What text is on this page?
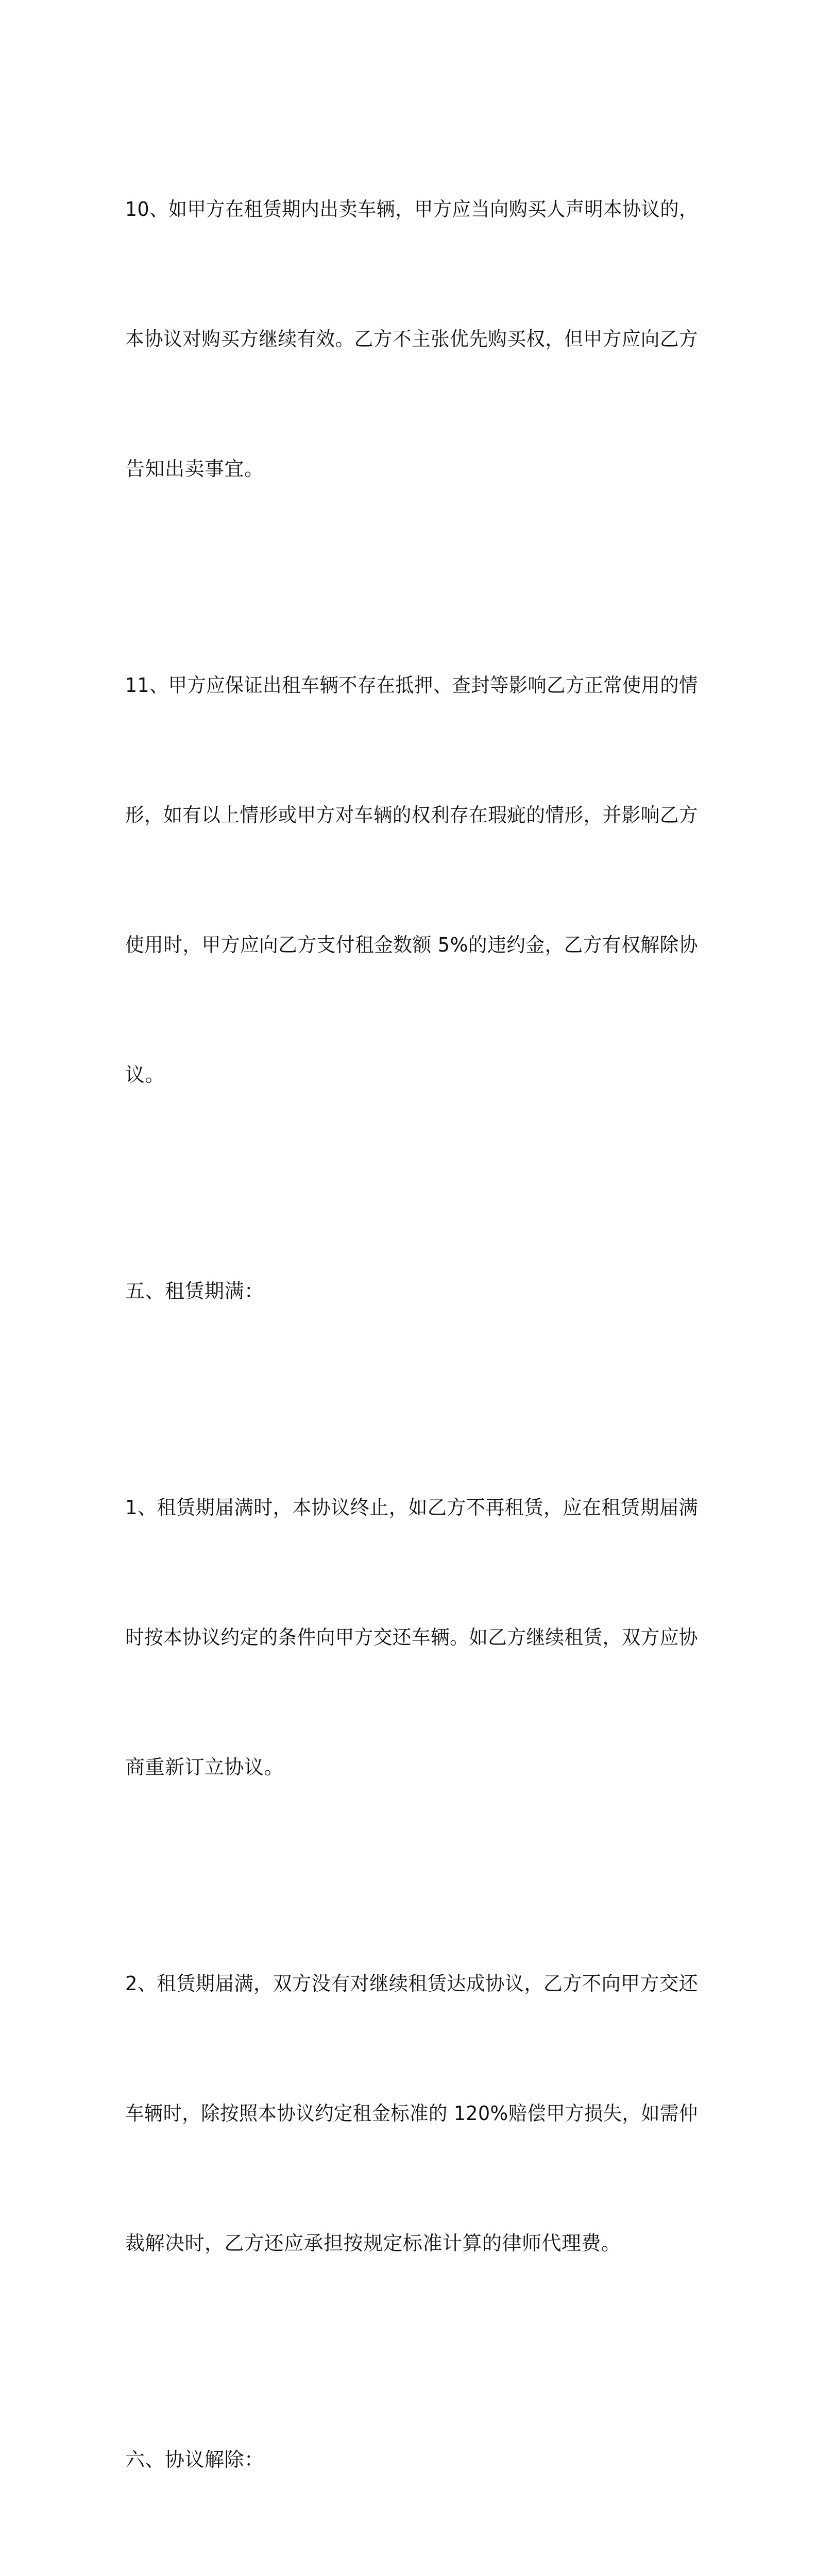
10、如甲方在租赁期内出卖车辆，甲方应当向购买人声明本协议的，

本协议对购买方继续有效。乙方不主张优先购买权，但甲方应向乙方

告知出卖事宜。

11、甲方应保证出租车辆不存在抵押、查封等影响乙方正常使用的情

形，如有以上情形或甲方对车辆的权利存在瑕疵的情形，并影响乙方

使用时，甲方应向乙方支付租金数额 5%的违约金，乙方有权解除协

议。

五、租赁期满：

1、租赁期届满时，本协议终止，如乙方不再租赁，应在租赁期届满

时按本协议约定的条件向甲方交还车辆。如乙方继续租赁，双方应协

商重新订立协议。

2、租赁期届满，双方没有对继续租赁达成协议，乙方不向甲方交还

车辆时，除按照本协议约定租金标准的 120%赔偿甲方损失，如需仲

裁解决时，乙方还应承担按规定标准计算的律师代理费。

六、协议解除：
